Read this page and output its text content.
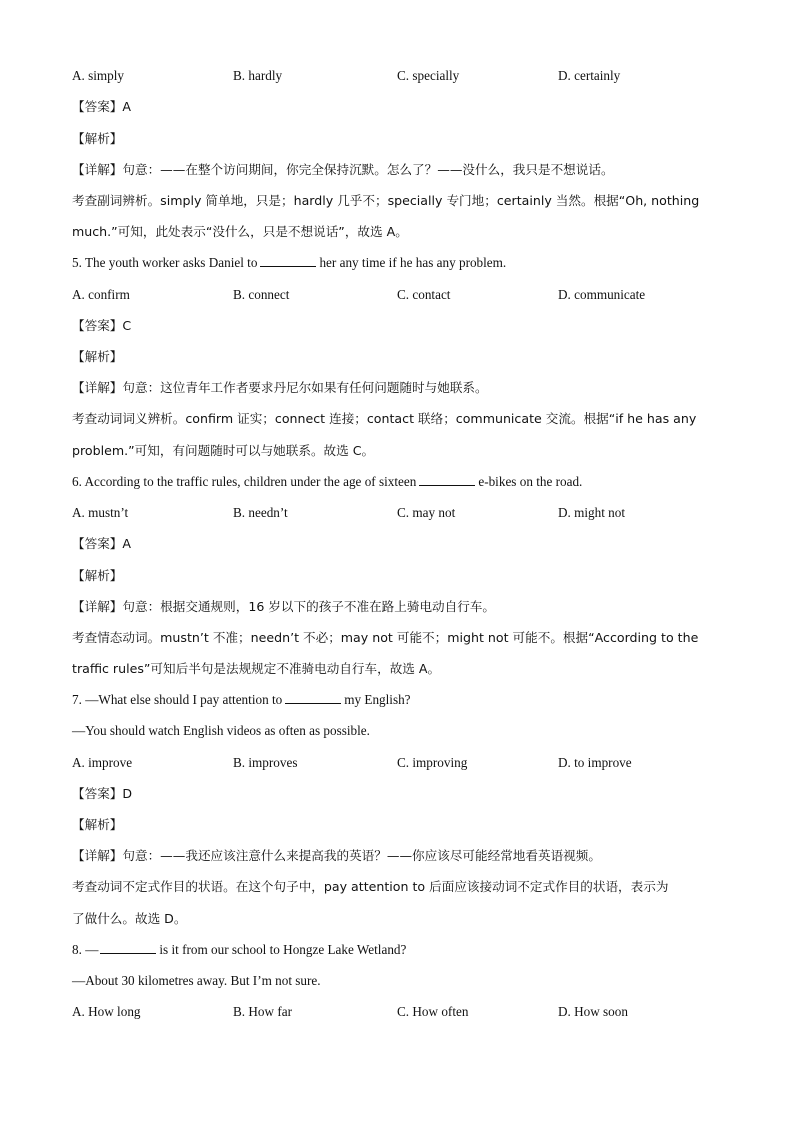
A. simply	B. hardly	C. specially	D. certainly
【答案】A
【解析】
【详解】句意：——在整个访问期间，你完全保持沉默。怎么了？——没什么，我只是不想说话。
考查副词辨析。simply 简单地，只是；hardly 几乎不；specially 专门地；certainly 当然。根据“Oh, nothing
much.”可知，此处表示“没什么，只是不想说话”，故选 A。
5. The youth worker asks Daniel to	her any time if he has any problem.
A. confirm	B. connect	C. contact	D. communicate
【答案】C
【解析】
【详解】句意：这位青年工作者要求丹尼尔如果有任何问题随时与她联系。
考查动词词义辨析。confirm 证实；connect 连接；contact 联络；communicate 交流。根据“if he has any
problem.”可知，有问题随时可以与她联系。故选 C。
6. According to the traffic rules, children under the age of sixteen	e-bikes on the road.
A. mustn’t	B. needn’t	C. may not	D. might not
【答案】A
【解析】
【详解】句意：根据交通规则，16 岁以下的孩子不准在路上骑电动自行车。
考查情态动词。mustn’t 不准；needn’t 不必；may not 可能不；might not 可能不。根据“According to the
traffic rules”可知后半句是法规规定不准骑电动自行车，故选 A。
7. —What else should I pay attention to	my English?
—You should watch English videos as often as possible.
A. improve	B. improves	C. improving	D. to improve
【答案】D
【解析】
【详解】句意：——我还应该注意什么来提高我的英语？——你应该尽可能经常地看英语视频。
考查动词不定式作目的状语。在这个句子中，pay attention to 后面应该接动词不定式作目的状语，表示为
了做什么。故选 D。
8. —	is it from our school to Hongze Lake Wetland?
—About 30 kilometres away. But I’m not sure.
A. How long	B. How far	C. How often	D. How soon
